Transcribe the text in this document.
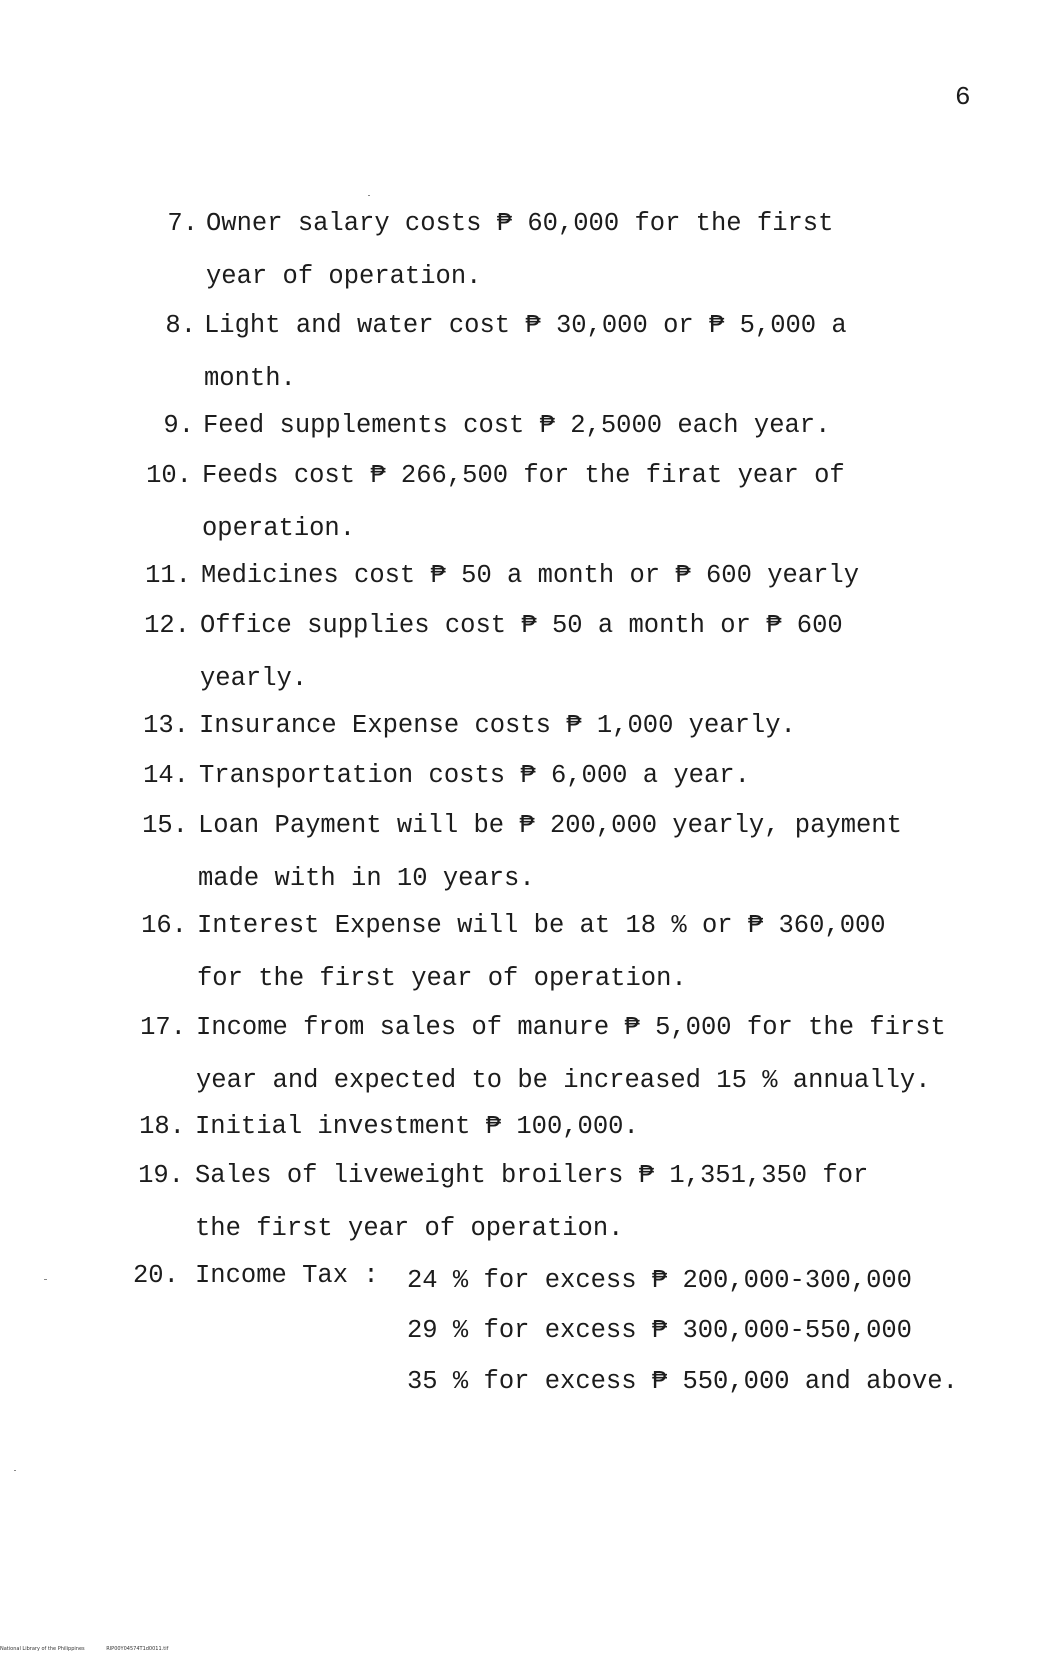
6
7. Owner salary costs ₱ 60,000 for the first
year of operation.
8. Light and water cost ₱ 30,000 or ₱ 5,000 a
month.
9. Feed supplements cost ₱ 2,5000 each year.
10. Feeds cost ₱ 266,500 for the firat year of
operation.
11. Medicines cost ₱ 50 a month or ₱ 600 yearly
12. Office supplies cost ₱ 50 a month or ₱ 600
yearly.
13. Insurance Expense costs ₱ 1,000 yearly.
14. Transportation costs ₱ 6,000 a year.
15. Loan Payment will be ₱ 200,000 yearly, payment
made with in 10 years.
16. Interest Expense will be at 18 % or ₱ 360,000
for the first year of operation.
17. Income from sales of manure ₱ 5,000 for the first
year and expected to be increased 15 % annually.
18. Initial investment ₱ 100,000.
19. Sales of liveweight broilers ₱ 1,351,350 for
the first year of operation.
20. Income Tax : 24 % for excess ₱ 200,000-300,000
29 % for excess ₱ 300,000-550,000
35 % for excess ₱ 550,000 and above.
National Library of the Philippines	RIP00Y04574T1d0011.tif
